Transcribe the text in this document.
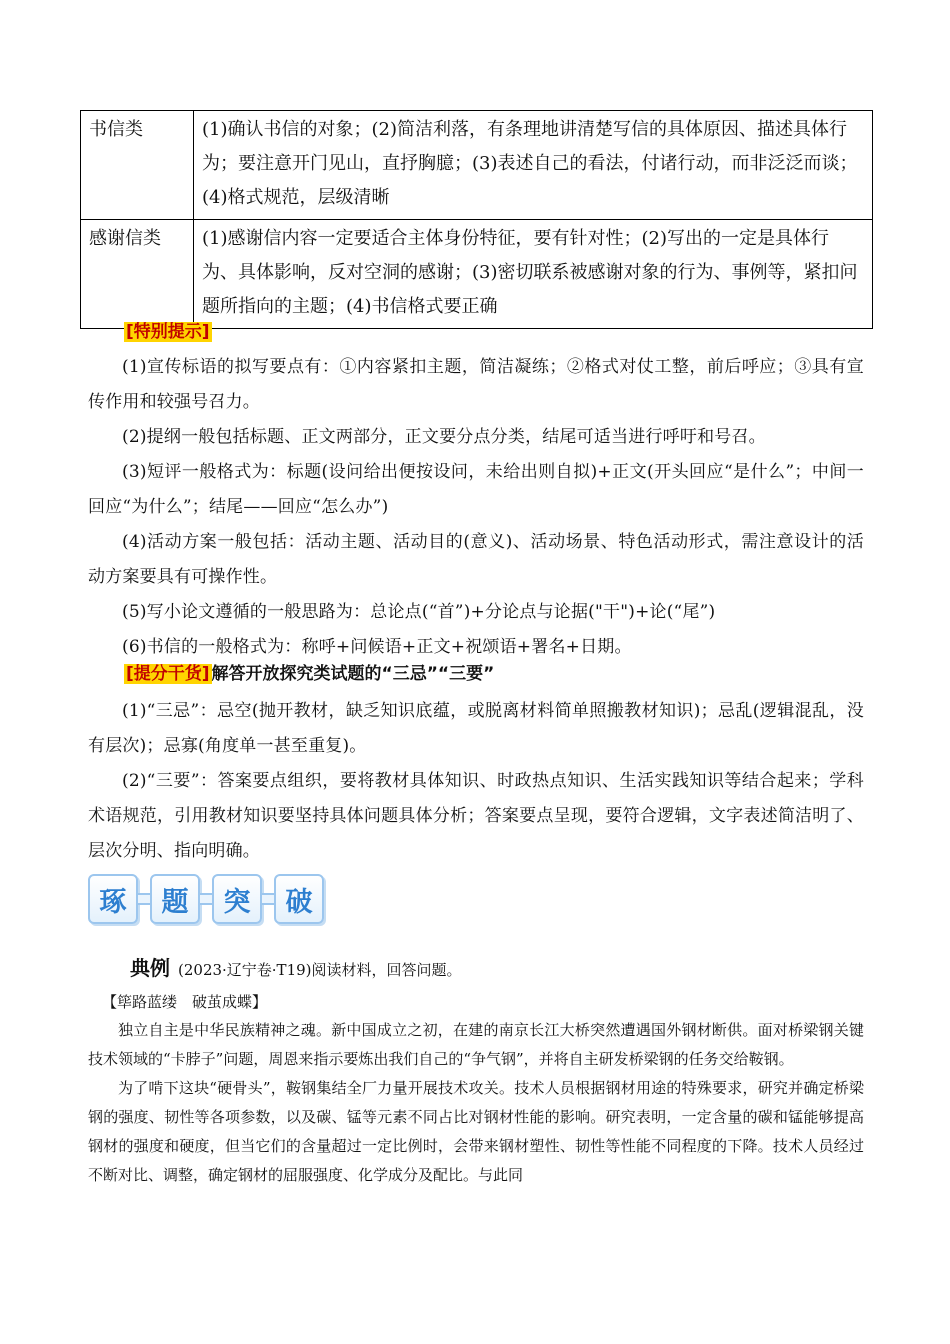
书信类	(1)确认书信的对象；(2)简洁利落，有条理地讲清楚写信的具体原因、描述具体行为；要注意开门见山，直抒胸臆；(3)表述自己的看法，付诸行动，而非泛泛而谈；(4)格式规范，层级清晰
感谢信类	(1)感谢信内容一定要适合主体身份特征，要有针对性；(2)写出的一定是具体行为、具体影响，反对空洞的感谢；(3)密切联系被感谢对象的行为、事例等，紧扣问题所指向的主题；(4)书信格式要正确
[特别提示]

(1)宣传标语的拟写要点有：①内容紧扣主题，简洁凝练；②格式对仗工整，前后呼应；③具有宣传作用和较强号召力。

(2)提纲一般包括标题、正文两部分，正文要分点分类，结尾可适当进行呼吁和号召。

(3)短评一般格式为：标题(设问给出便按设问，未给出则自拟)+正文(开头回应“是什么”；中间一回应“为什么”；结尾——回应“怎么办”)

(4)活动方案一般包括：活动主题、活动目的(意义)、活动场景、特色活动形式，需注意设计的活动方案要具有可操作性。

(5)写小论文遵循的一般思路为：总论点(“首”)+分论点与论据("干")+论(“尾”)

(6)书信的一般格式为：称呼+问候语+正文+祝颂语+署名+日期。

[提分干货] 解答开放探究类试题的“三忌”“三要”

(1)“三忌”：忌空(抛开教材，缺乏知识底蕴，或脱离材料简单照搬教材知识)；忌乱(逻辑混乱，没有层次)；忌寡(角度单一甚至重复)。

(2)“三要”：答案要点组织，要将教材具体知识、时政热点知识、生活实践知识等结合起来；学科术语规范，引用教材知识要坚持具体问题具体分析；答案要点呈现，要符合逻辑，文字表述简洁明了、层次分明、指向明确。

琢	题	突	破
典例 (2023·辽宁卷·T19)阅读材料，回答问题。
【筚路蓝缕　破茧成蝶】

独立自主是中华民族精神之魂。新中国成立之初，在建的南京长江大桥突然遭遇国外钢材断供。面对桥梁钢关键技术领域的“卡脖子”问题，周恩来指示要炼出我们自己的“争气钢”，并将自主研发桥梁钢的任务交给鞍钢。

为了啃下这块“硬骨头”，鞍钢集结全厂力量开展技术攻关。技术人员根据钢材用途的特殊要求，研究并确定桥梁钢的强度、韧性等各项参数，以及碳、锰等元素不同占比对钢材性能的影响。研究表明，一定含量的碳和锰能够提高钢材的强度和硬度，但当它们的含量超过一定比例时，会带来钢材塑性、韧性等性能不同程度的下降。技术人员经过不断对比、调整，确定钢材的屈服强度、化学成分及配比。与此同
